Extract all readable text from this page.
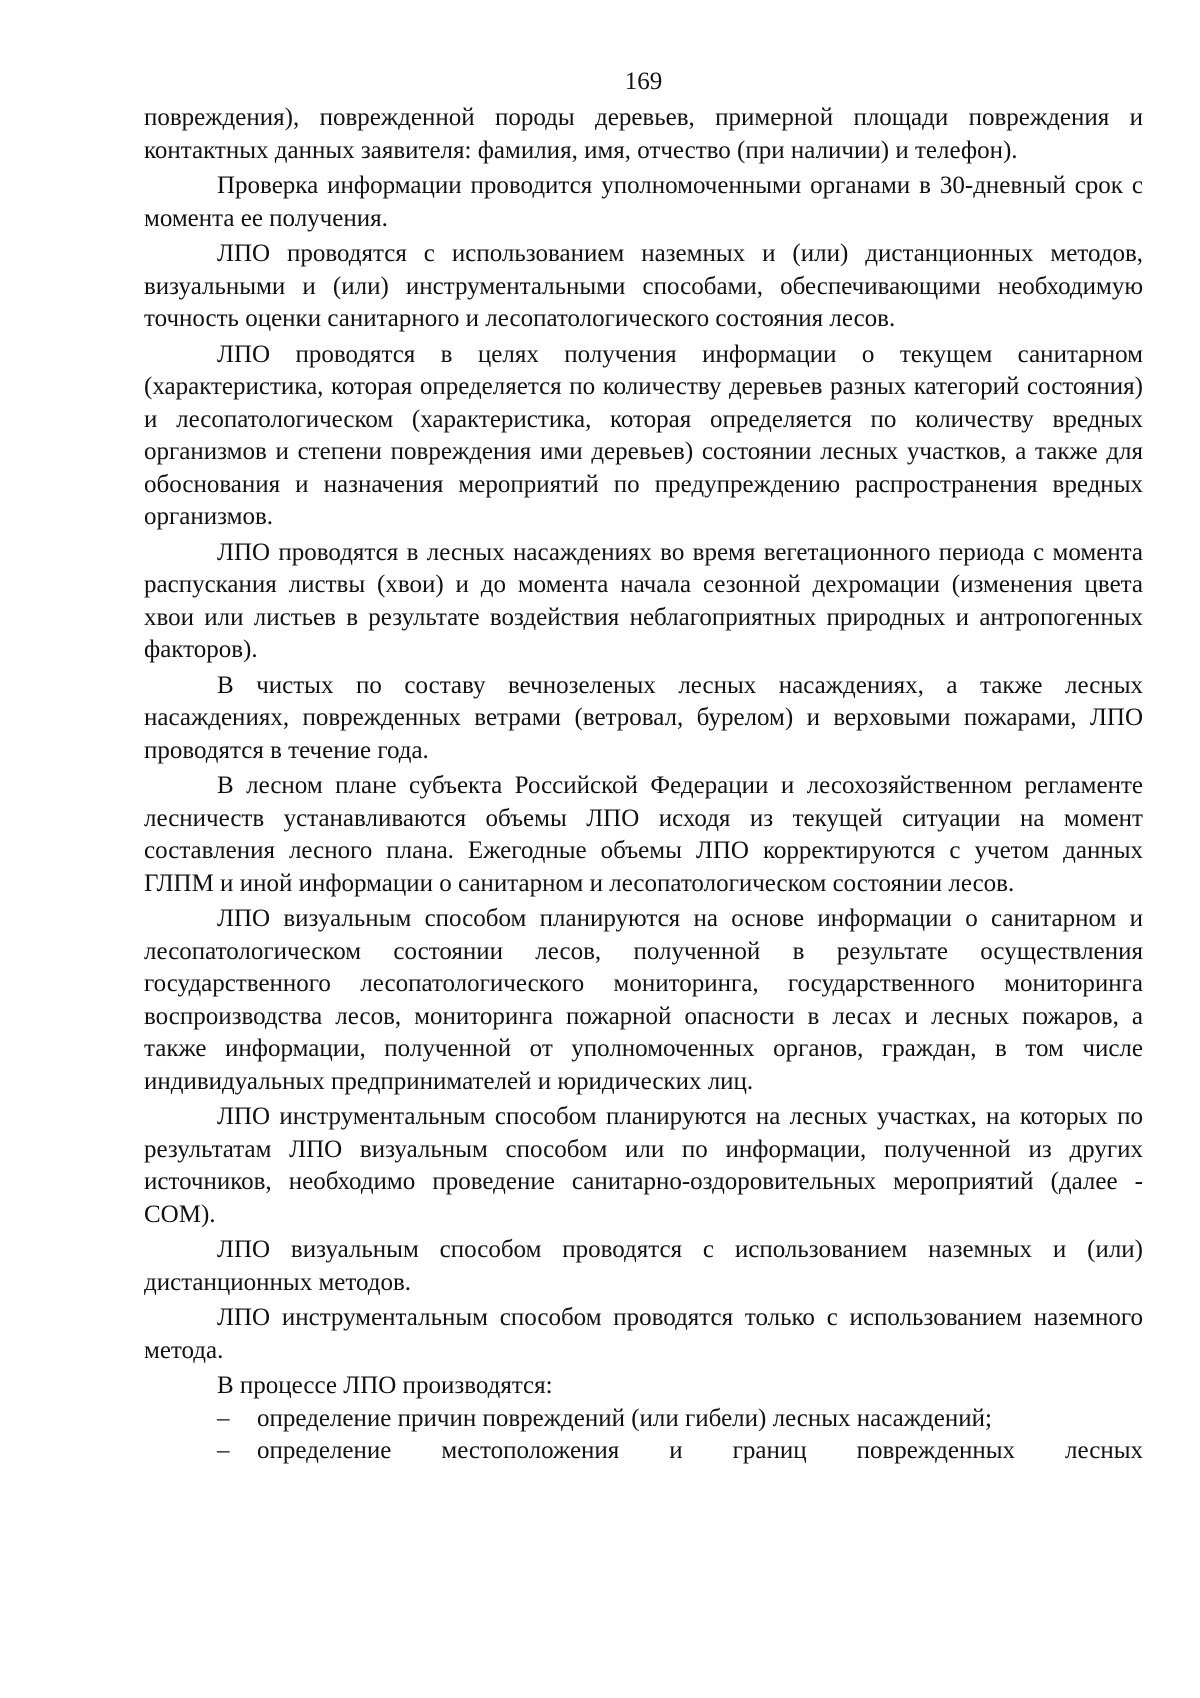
169

повреждения), поврежденной породы деревьев, примерной площади повреждения и контактных данных заявителя: фамилия, имя, отчество (при наличии) и телефон).

Проверка информации проводится уполномоченными органами в 30-дневный срок с момента ее получения.

ЛПО проводятся с использованием наземных и (или) дистанционных методов, визуальными и (или) инструментальными способами, обеспечивающими необходимую точность оценки санитарного и лесопатологического состояния лесов.

ЛПО проводятся в целях получения информации о текущем санитарном (характеристика, которая определяется по количеству деревьев разных категорий состояния) и лесопатологическом (характеристика, которая определяется по количеству вредных организмов и степени повреждения ими деревьев) состоянии лесных участков, а также для обоснования и назначения мероприятий по предупреждению распространения вредных организмов.

ЛПО проводятся в лесных насаждениях во время вегетационного периода с момента распускания листвы (хвои) и до момента начала сезонной дехромации (изменения цвета хвои или листьев в результате воздействия неблагоприятных природных и антропогенных факторов).

В чистых по составу вечнозеленых лесных насаждениях, а также лесных насаждениях, поврежденных ветрами (ветровал, бурелом) и верховыми пожарами, ЛПО проводятся в течение года.

В лесном плане субъекта Российской Федерации и лесохозяйственном регламенте лесничеств устанавливаются объемы ЛПО исходя из текущей ситуации на момент составления лесного плана. Ежегодные объемы ЛПО корректируются с учетом данных ГЛПМ и иной информации о санитарном и лесопатологическом состоянии лесов.

ЛПО визуальным способом планируются на основе информации о санитарном и лесопатологическом состоянии лесов, полученной в результате осуществления государственного лесопатологического мониторинга, государственного мониторинга воспроизводства лесов, мониторинга пожарной опасности в лесах и лесных пожаров, а также информации, полученной от уполномоченных органов, граждан, в том числе индивидуальных предпринимателей и юридических лиц.

ЛПО инструментальным способом планируются на лесных участках, на которых по результатам ЛПО визуальным способом или по информации, полученной из других источников, необходимо проведение санитарно-оздоровительных мероприятий (далее - СОМ).

ЛПО визуальным способом проводятся с использованием наземных и (или) дистанционных методов.

ЛПО инструментальным способом проводятся только с использованием наземного метода.

В процессе ЛПО производятся:

– определение причин повреждений (или гибели) лесных насаждений;
– определение местоположения и границ поврежденных лесных
